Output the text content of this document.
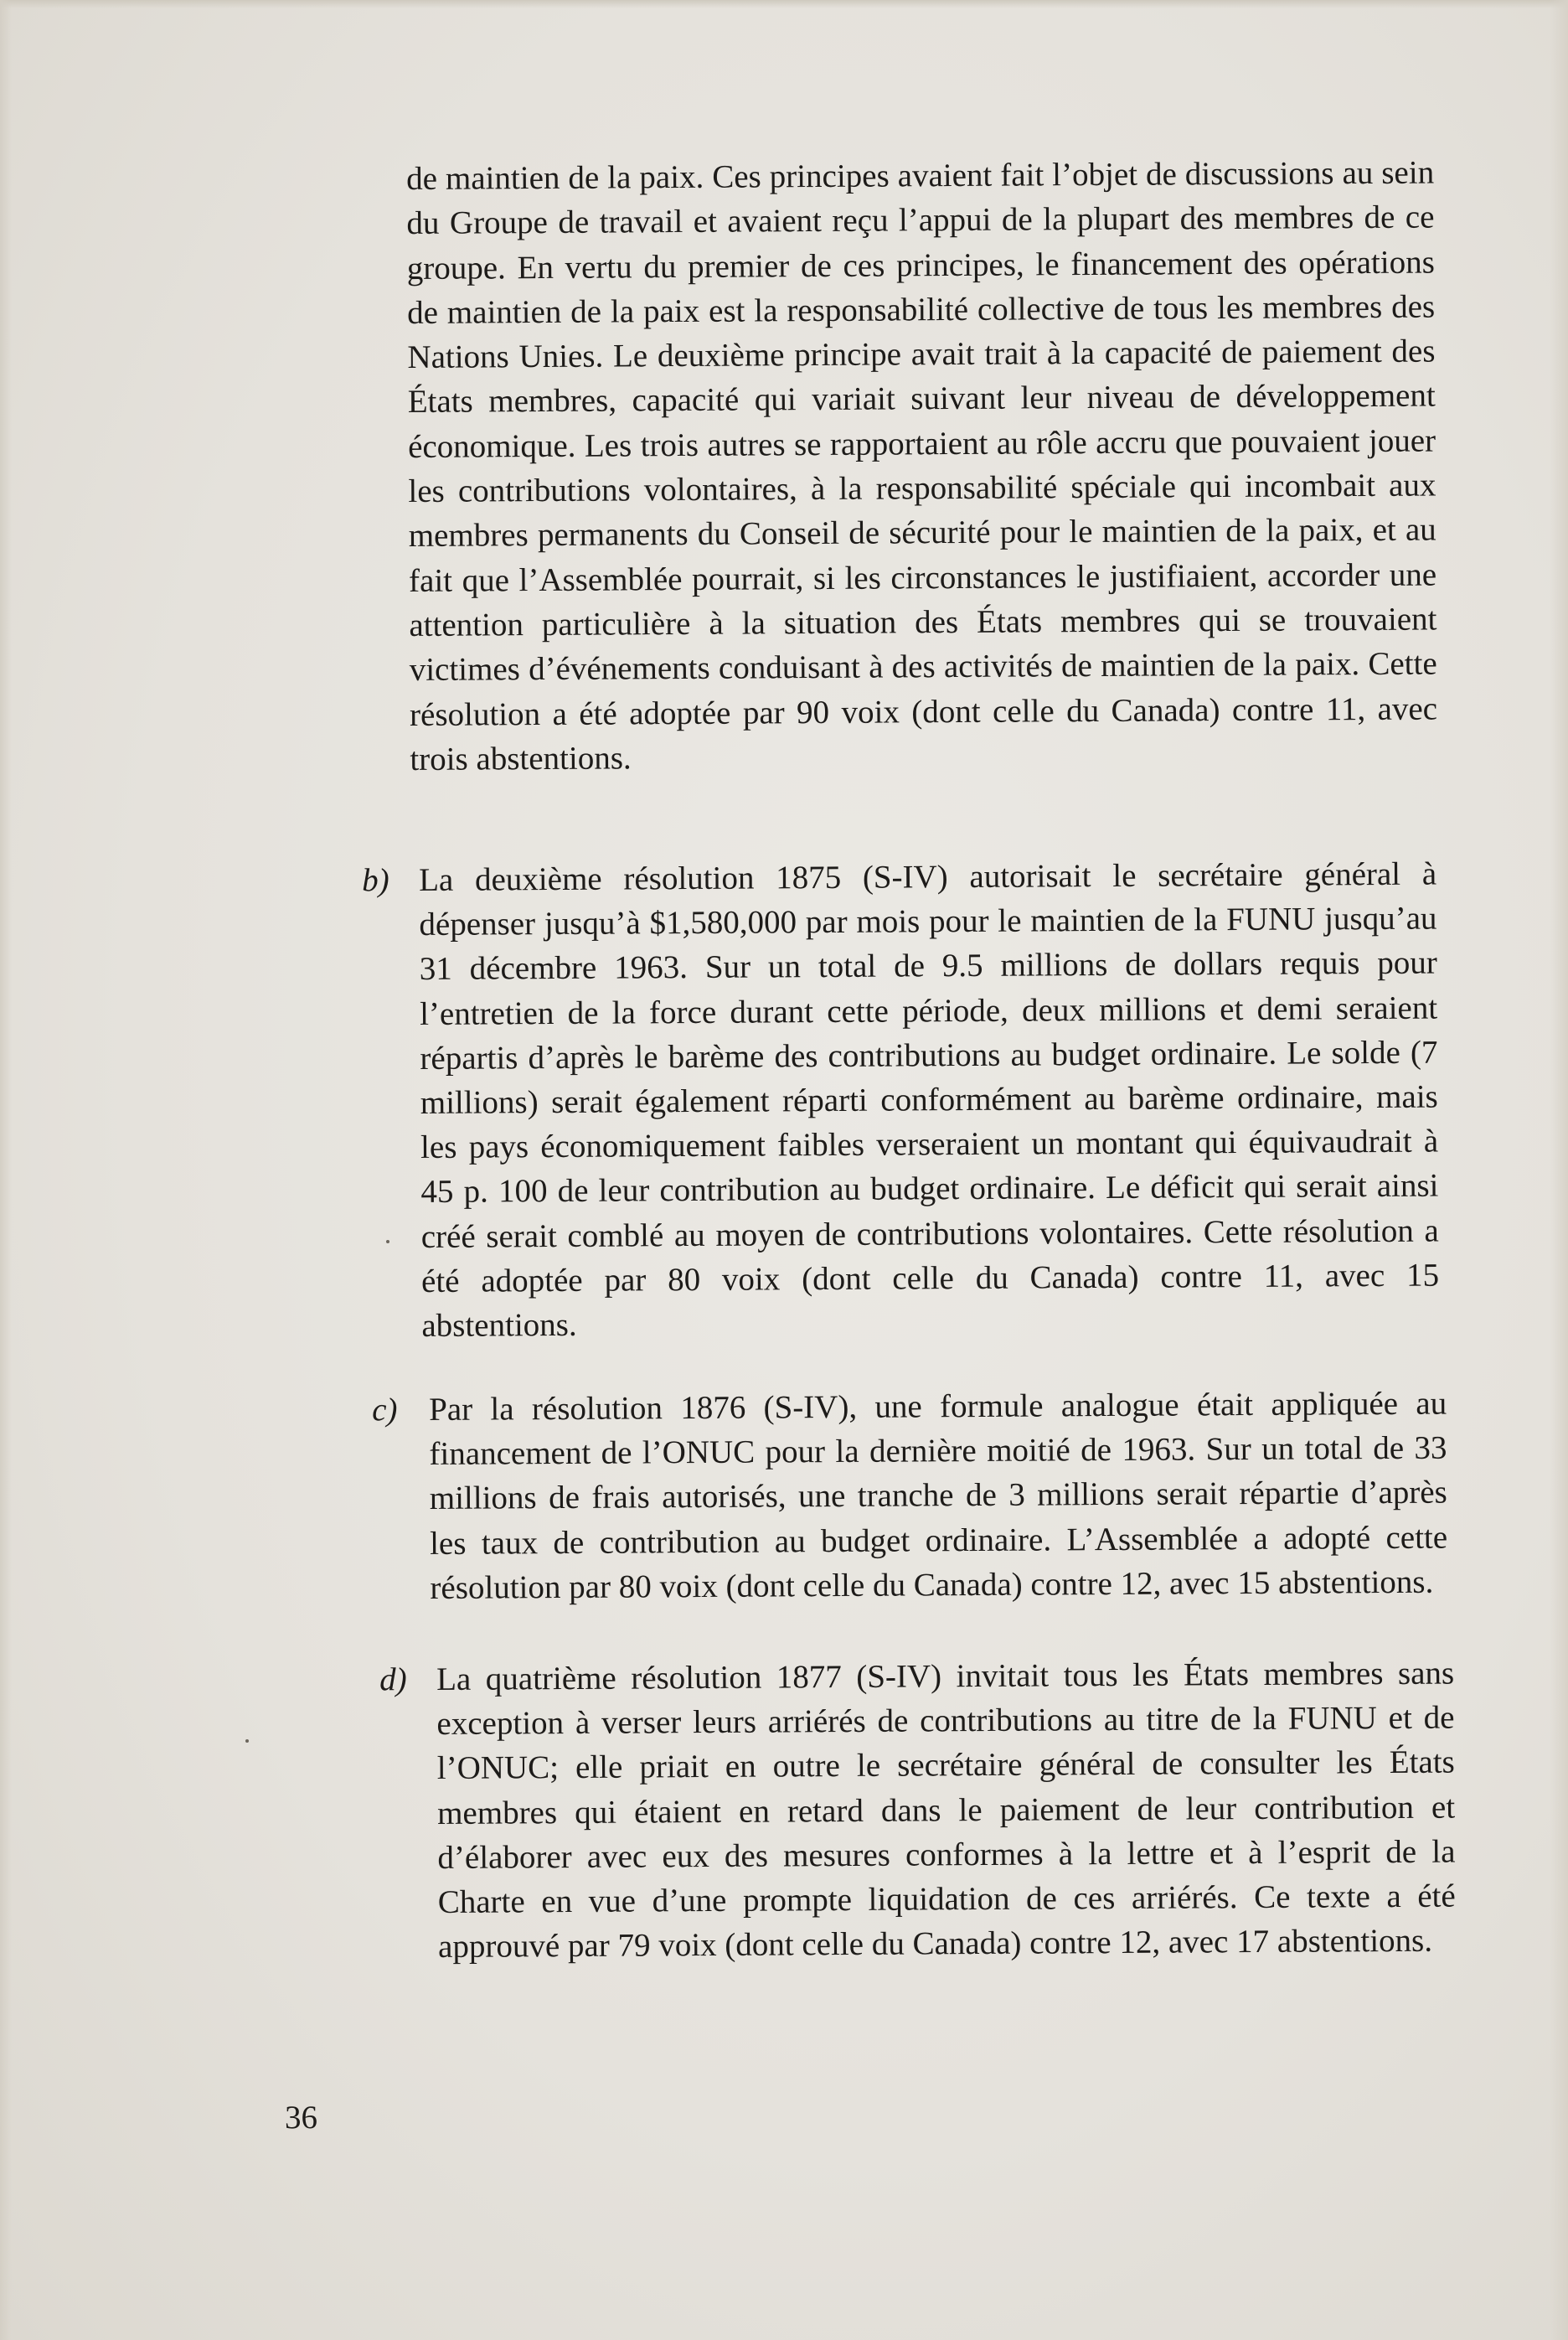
de maintien de la paix. Ces principes avaient fait l’objet de discussions au sein du Groupe de travail et avaient reçu l’appui de la plupart des membres de ce groupe. En vertu du premier de ces principes, le financement des opérations de maintien de la paix est la responsabilité collective de tous les membres des Nations Unies. Le deuxième principe avait trait à la capacité de paiement des États membres, capacité qui variait suivant leur niveau de développement économique. Les trois autres se rapportaient au rôle accru que pouvaient jouer les contributions volontaires, à la responsabilité spéciale qui incombait aux membres permanents du Conseil de sécurité pour le maintien de la paix, et au fait que l’Assemblée pourrait, si les circonstances le justifiaient, accorder une attention particulière à la situation des États membres qui se trouvaient victimes d’événements conduisant à des activités de maintien de la paix. Cette résolution a été adoptée par 90 voix (dont celle du Canada) contre 11, avec trois abstentions.

b) La deuxième résolution 1875 (S-IV) autorisait le secrétaire général à dépenser jusqu’à $1,580,000 par mois pour le maintien de la FUNU jusqu’au 31 décembre 1963. Sur un total de 9.5 millions de dollars requis pour l’entretien de la force durant cette période, deux millions et demi seraient répartis d’après le barème des contributions au budget ordinaire. Le solde (7 millions) serait également réparti conformément au barème ordinaire, mais les pays économiquement faibles verseraient un montant qui équivaudrait à 45 p. 100 de leur contribution au budget ordinaire. Le déficit qui serait ainsi créé serait comblé au moyen de contributions volontaires. Cette résolution a été adoptée par 80 voix (dont celle du Canada) contre 11, avec 15 abstentions.
c) Par la résolution 1876 (S-IV), une formule analogue était appliquée au financement de l’ONUC pour la dernière moitié de 1963. Sur un total de 33 millions de frais autorisés, une tranche de 3 millions serait répartie d’après les taux de contribution au budget ordinaire. L’Assemblée a adopté cette résolution par 80 voix (dont celle du Canada) contre 12, avec 15 abstentions.
d) La quatrième résolution 1877 (S-IV) invitait tous les États membres sans exception à verser leurs arriérés de contributions au titre de la FUNU et de l’ONUC; elle priait en outre le secrétaire général de consulter les États membres qui étaient en retard dans le paiement de leur contribution et d’élaborer avec eux des mesures conformes à la lettre et à l’esprit de la Charte en vue d’une prompte liquidation de ces arriérés. Ce texte a été approuvé par 79 voix (dont celle du Canada) contre 12, avec 17 abstentions.

36
